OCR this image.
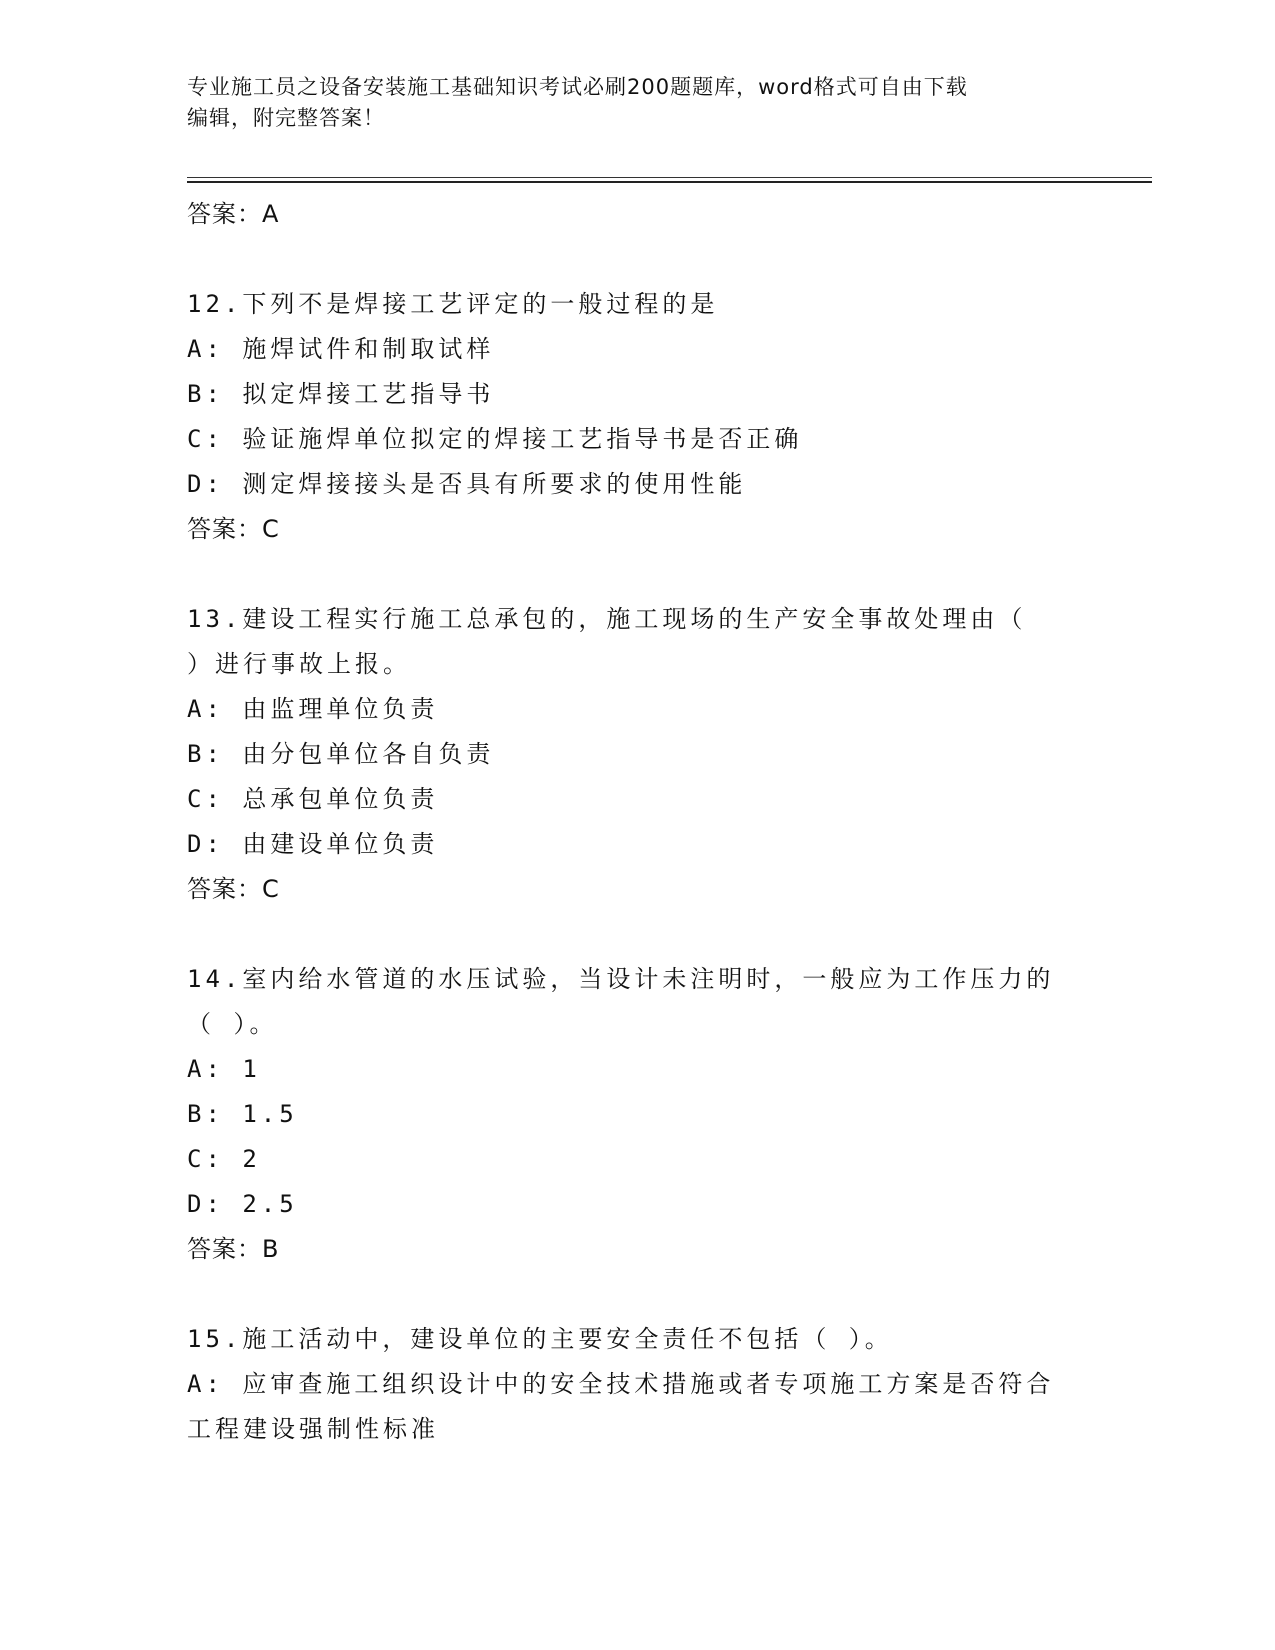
专业施工员之设备安装施工基础知识考试必刷200题题库，word格式可自由下载
编辑，附完整答案！
答案：A
12.下列不是焊接工艺评定的一般过程的是
A: 施焊试件和制取试样
B: 拟定焊接工艺指导书
C: 验证施焊单位拟定的焊接工艺指导书是否正确
D: 测定焊接接头是否具有所要求的使用性能
答案：C
13.建设工程实行施工总承包的，施工现场的生产安全事故处理由（
）进行事故上报。
A: 由监理单位负责
B: 由分包单位各自负责
C: 总承包单位负责
D: 由建设单位负责
答案：C
14.室内给水管道的水压试验，当设计未注明时，一般应为工作压力的
（ ）。
A: 1
B: 1.5
C: 2
D: 2.5
答案：B
15.施工活动中，建设单位的主要安全责任不包括（ ）。
A: 应审查施工组织设计中的安全技术措施或者专项施工方案是否符合
工程建设强制性标准
